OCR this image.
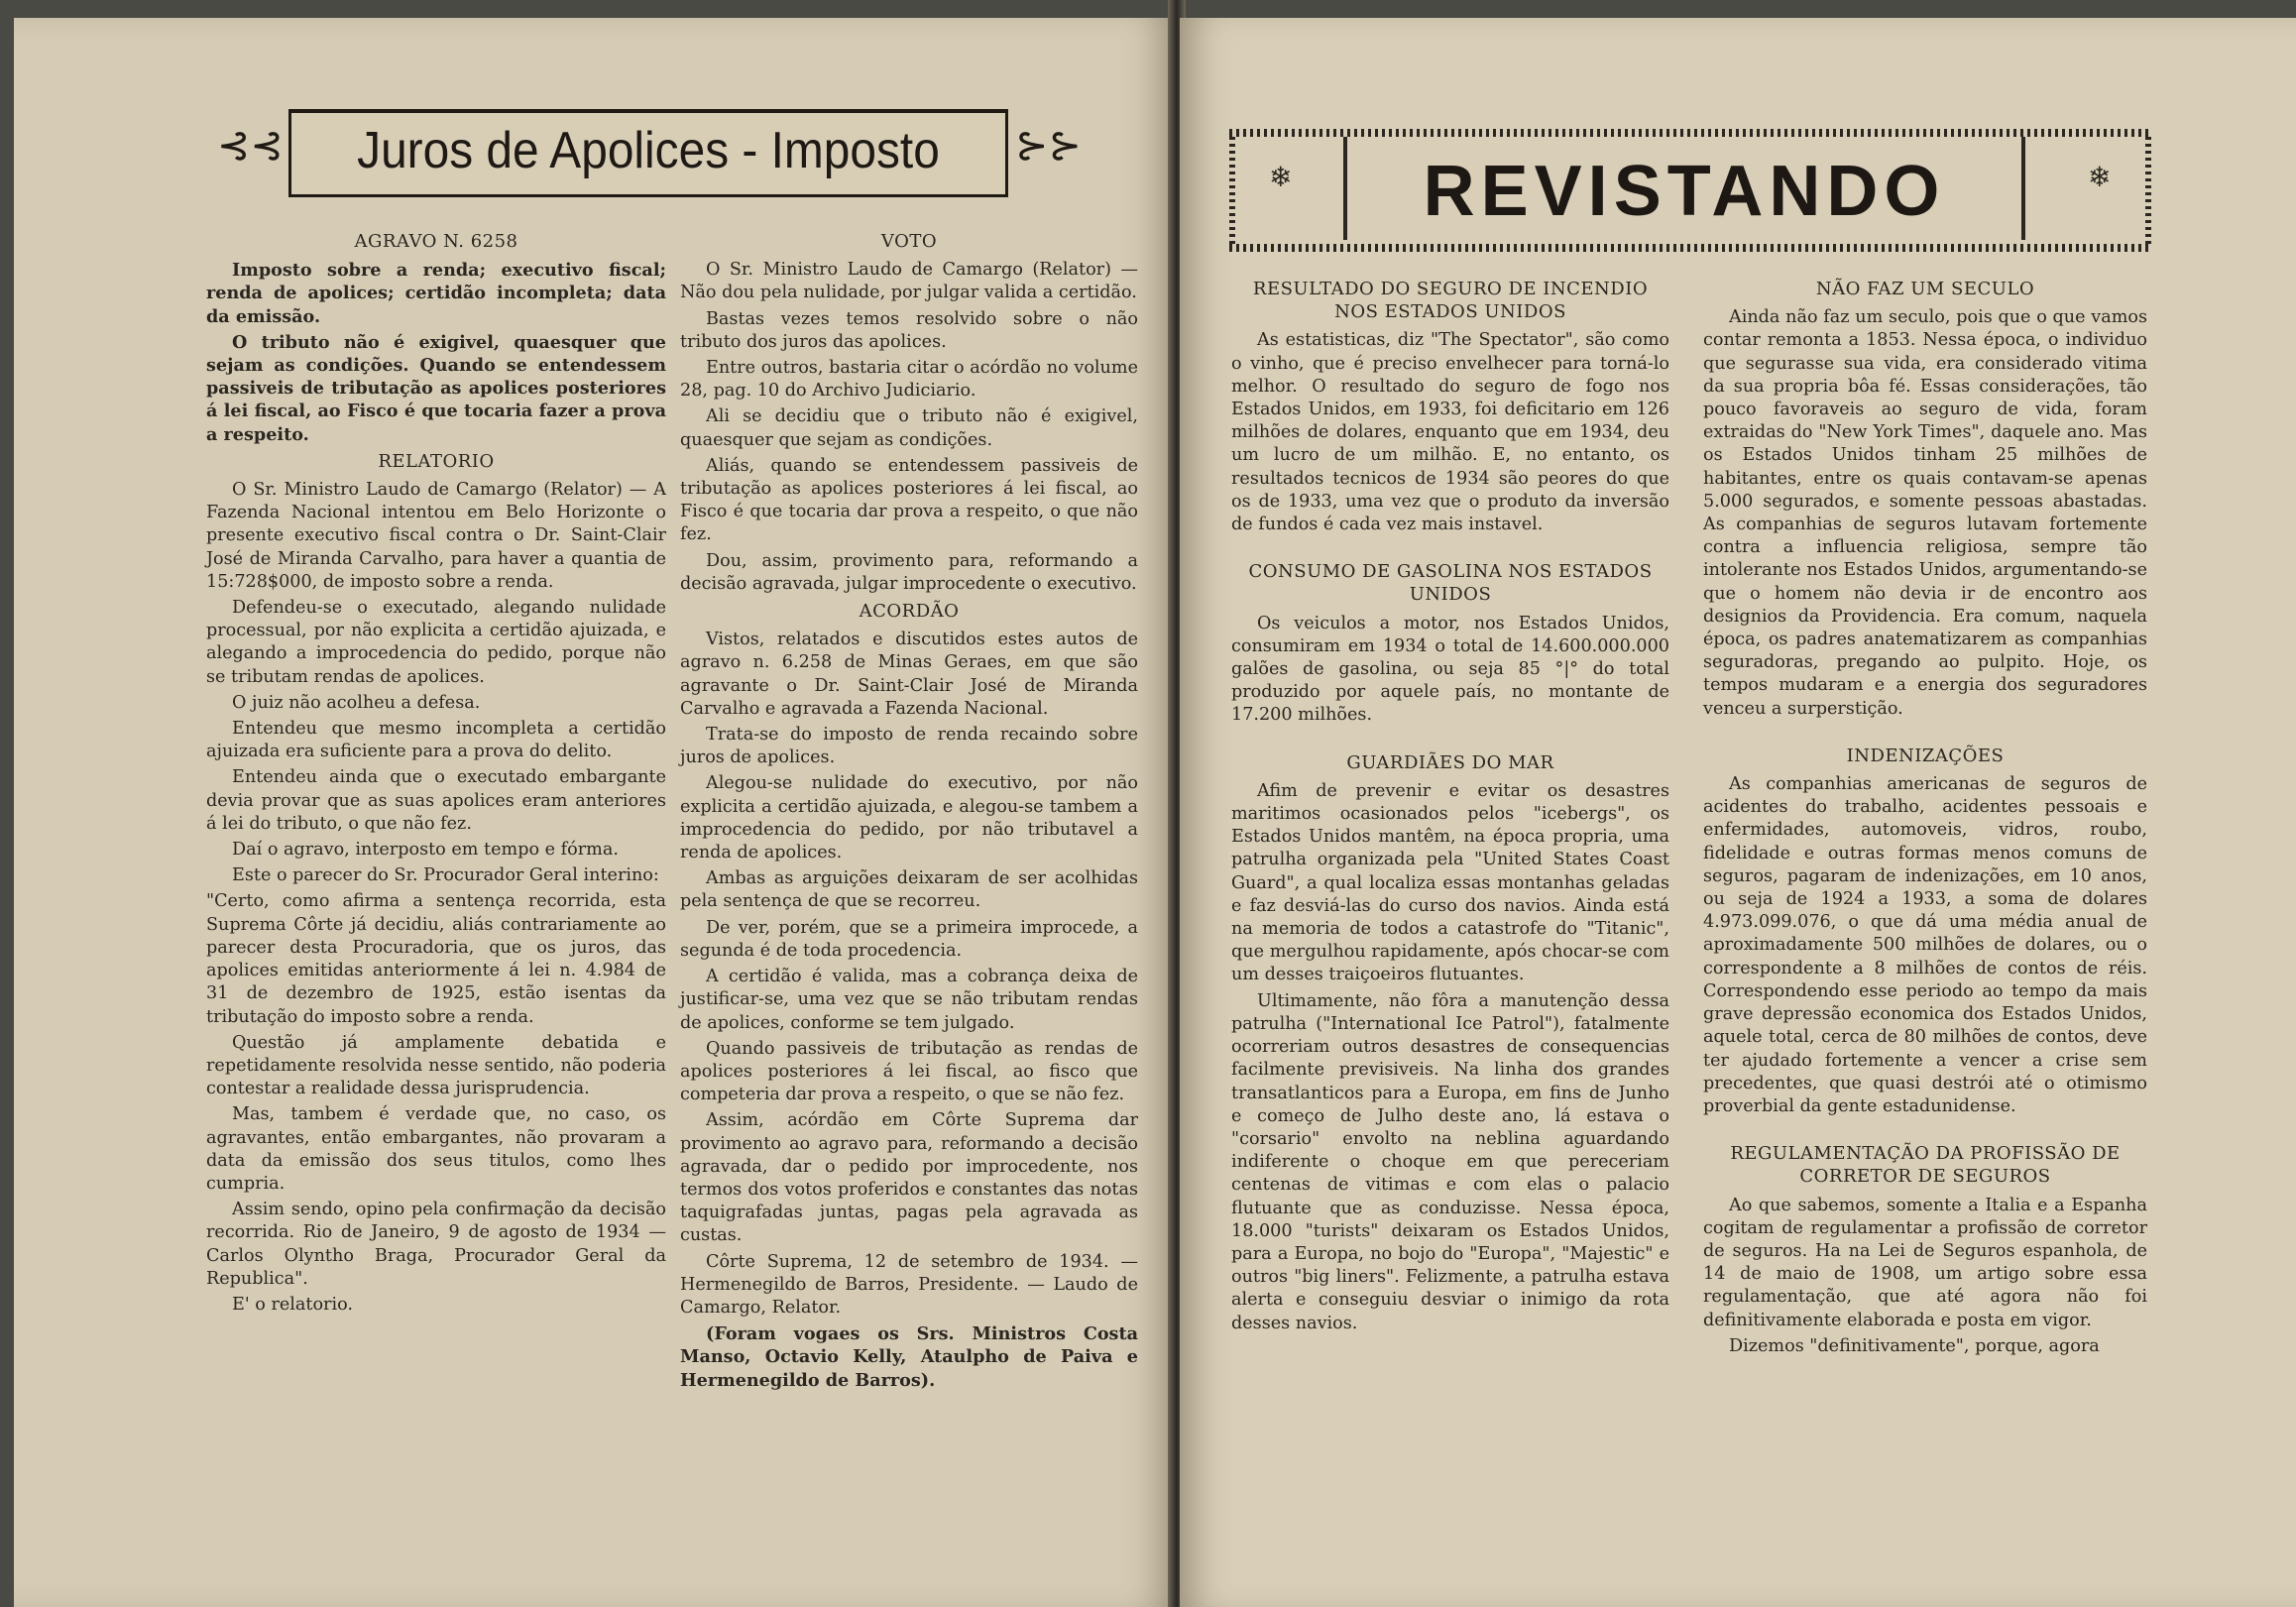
⊰⊰	Juros de Apolices - Imposto	⊱⊱
AGRAVO N. 6258

Imposto sobre a renda; executivo fiscal; renda de apolices; certidão incompleta; data da emissão.

O tributo não é exigivel, quaesquer que sejam as condições. Quando se entendessem passiveis de tributação as apolices posteriores á lei fiscal, ao Fisco é que tocaria fazer a prova a respeito.

RELATORIO

O Sr. Ministro Laudo de Camargo (Relator) — A Fazenda Nacional intentou em Belo Horizonte o presente executivo fiscal contra o Dr. Saint-Clair José de Miranda Carvalho, para haver a quantia de 15:728$000, de imposto sobre a renda.

Defendeu-se o executado, alegando nulidade processual, por não explicita a certidão ajuizada, e alegando a improcedencia do pedido, porque não se tributam rendas de apolices.

O juiz não acolheu a defesa.

Entendeu que mesmo incompleta a certidão ajuizada era suficiente para a prova do delito.

Entendeu ainda que o executado embargante devia provar que as suas apolices eram anteriores á lei do tributo, o que não fez.

Daí o agravo, interposto em tempo e fórma.

Este o parecer do Sr. Procurador Geral interino:

"Certo, como afirma a sentença recorrida, esta Suprema Côrte já decidiu, aliás contrariamente ao parecer desta Procuradoria, que os juros, das apolices emitidas anteriormente á lei n. 4.984 de 31 de dezembro de 1925, estão isentas da tributação do imposto sobre a renda.

Questão já amplamente debatida e repetidamente resolvida nesse sentido, não poderia contestar a realidade dessa jurisprudencia.

Mas, tambem é verdade que, no caso, os agravantes, então embargantes, não provaram a data da emissão dos seus titulos, como lhes cumpria.

Assim sendo, opino pela confirmação da decisão recorrida. Rio de Janeiro, 9 de agosto de 1934 — Carlos Olyntho Braga, Procurador Geral da Republica".

E' o relatorio.

VOTO

O Sr. Ministro Laudo de Camargo (Relator) — Não dou pela nulidade, por julgar valida a certidão.

Bastas vezes temos resolvido sobre o não tributo dos juros das apolices.

Entre outros, bastaria citar o acórdão no volume 28, pag. 10 do Archivo Judiciario.

Ali se decidiu que o tributo não é exigivel, quaesquer que sejam as condições.

Aliás, quando se entendessem passiveis de tributação as apolices posteriores á lei fiscal, ao Fisco é que tocaria dar prova a respeito, o que não fez.

Dou, assim, provimento para, reformando a decisão agravada, julgar improcedente o executivo.

ACORDÃO

Vistos, relatados e discutidos estes autos de agravo n. 6.258 de Minas Geraes, em que são agravante o Dr. Saint-Clair José de Miranda Carvalho e agravada a Fazenda Nacional.

Trata-se do imposto de renda recaindo sobre juros de apolices.

Alegou-se nulidade do executivo, por não explicita a certidão ajuizada, e alegou-se tambem a improcedencia do pedido, por não tributavel a renda de apolices.

Ambas as arguições deixaram de ser acolhidas pela sentença de que se recorreu.

De ver, porém, que se a primeira improcede, a segunda é de toda procedencia.

A certidão é valida, mas a cobrança deixa de justificar-se, uma vez que se não tributam rendas de apolices, conforme se tem julgado.

Quando passiveis de tributação as rendas de apolices posteriores á lei fiscal, ao fisco que competeria dar prova a respeito, o que se não fez.

Assim, acórdão em Côrte Suprema dar provimento ao agravo para, reformando a decisão agravada, dar o pedido por improcedente, nos termos dos votos proferidos e constantes das notas taquigrafadas juntas, pagas pela agravada as custas.

Côrte Suprema, 12 de setembro de 1934. — Hermenegildo de Barros, Presidente. — Laudo de Camargo, Relator.

(Foram vogaes os Srs. Ministros Costa Manso, Octavio Kelly, Ataulpho de Paiva e Hermenegildo de Barros).

❄	REVISTANDO	❄
RESULTADO DO SEGURO DE INCENDIO NOS ESTADOS UNIDOS

As estatisticas, diz "The Spectator", são como o vinho, que é preciso envelhecer para torná-lo melhor. O resultado do seguro de fogo nos Estados Unidos, em 1933, foi deficitario em 126 milhões de dolares, enquanto que em 1934, deu um lucro de um milhão. E, no entanto, os resultados tecnicos de 1934 são peores do que os de 1933, uma vez que o produto da inversão de fundos é cada vez mais instavel.

CONSUMO DE GASOLINA NOS ESTADOS UNIDOS

Os veiculos a motor, nos Estados Unidos, consumiram em 1934 o total de 14.600.000.000 galões de gasolina, ou seja 85 °|° do total produzido por aquele país, no montante de 17.200 milhões.

GUARDIÃES DO MAR

Afim de prevenir e evitar os desastres maritimos ocasionados pelos "icebergs", os Estados Unidos mantêm, na época propria, uma patrulha organizada pela "United States Coast Guard", a qual localiza essas montanhas geladas e faz desviá-las do curso dos navios. Ainda está na memoria de todos a catastrofe do "Titanic", que mergulhou rapidamente, após chocar-se com um desses traiçoeiros flutuantes.

Ultimamente, não fôra a manutenção dessa patrulha ("International Ice Patrol"), fatalmente ocorreriam outros desastres de consequencias facilmente previsiveis. Na linha dos grandes transatlanticos para a Europa, em fins de Junho e começo de Julho deste ano, lá estava o "corsario" envolto na neblina aguardando indiferente o choque em que pereceriam centenas de vitimas e com elas o palacio flutuante que as conduzisse. Nessa época, 18.000 "turists" deixaram os Estados Unidos, para a Europa, no bojo do "Europa", "Majestic" e outros "big liners". Felizmente, a patrulha estava alerta e conseguiu desviar o inimigo da rota desses navios.

NÃO FAZ UM SECULO

Ainda não faz um seculo, pois que o que vamos contar remonta a 1853. Nessa época, o individuo que segurasse sua vida, era considerado vitima da sua propria bôa fé. Essas considerações, tão pouco favoraveis ao seguro de vida, foram extraidas do "New York Times", daquele ano. Mas os Estados Unidos tinham 25 milhões de habitantes, entre os quais contavam-se apenas 5.000 segurados, e somente pessoas abastadas. As companhias de seguros lutavam fortemente contra a influencia religiosa, sempre tão intolerante nos Estados Unidos, argumentando-se que o homem não devia ir de encontro aos designios da Providencia. Era comum, naquela época, os padres anatematizarem as companhias seguradoras, pregando ao pulpito. Hoje, os tempos mudaram e a energia dos seguradores venceu a surperstição.

INDENIZAÇÕES

As companhias americanas de seguros de acidentes do trabalho, acidentes pessoais e enfermidades, automoveis, vidros, roubo, fidelidade e outras formas menos comuns de seguros, pagaram de indenizações, em 10 anos, ou seja de 1924 a 1933, a soma de dolares 4.973.099.076, o que dá uma média anual de aproximadamente 500 milhões de dolares, ou o correspondente a 8 milhões de contos de réis. Correspondendo esse periodo ao tempo da mais grave depressão economica dos Estados Unidos, aquele total, cerca de 80 milhões de contos, deve ter ajudado fortemente a vencer a crise sem precedentes, que quasi destrói até o otimismo proverbial da gente estadunidense.

REGULAMENTAÇÃO DA PROFISSÃO DE CORRETOR DE SEGUROS

Ao que sabemos, somente a Italia e a Espanha cogitam de regulamentar a profissão de corretor de seguros. Ha na Lei de Seguros espanhola, de 14 de maio de 1908, um artigo sobre essa regulamentação, que até agora não foi definitivamente elaborada e posta em vigor.

Dizemos "definitivamente", porque, agora
